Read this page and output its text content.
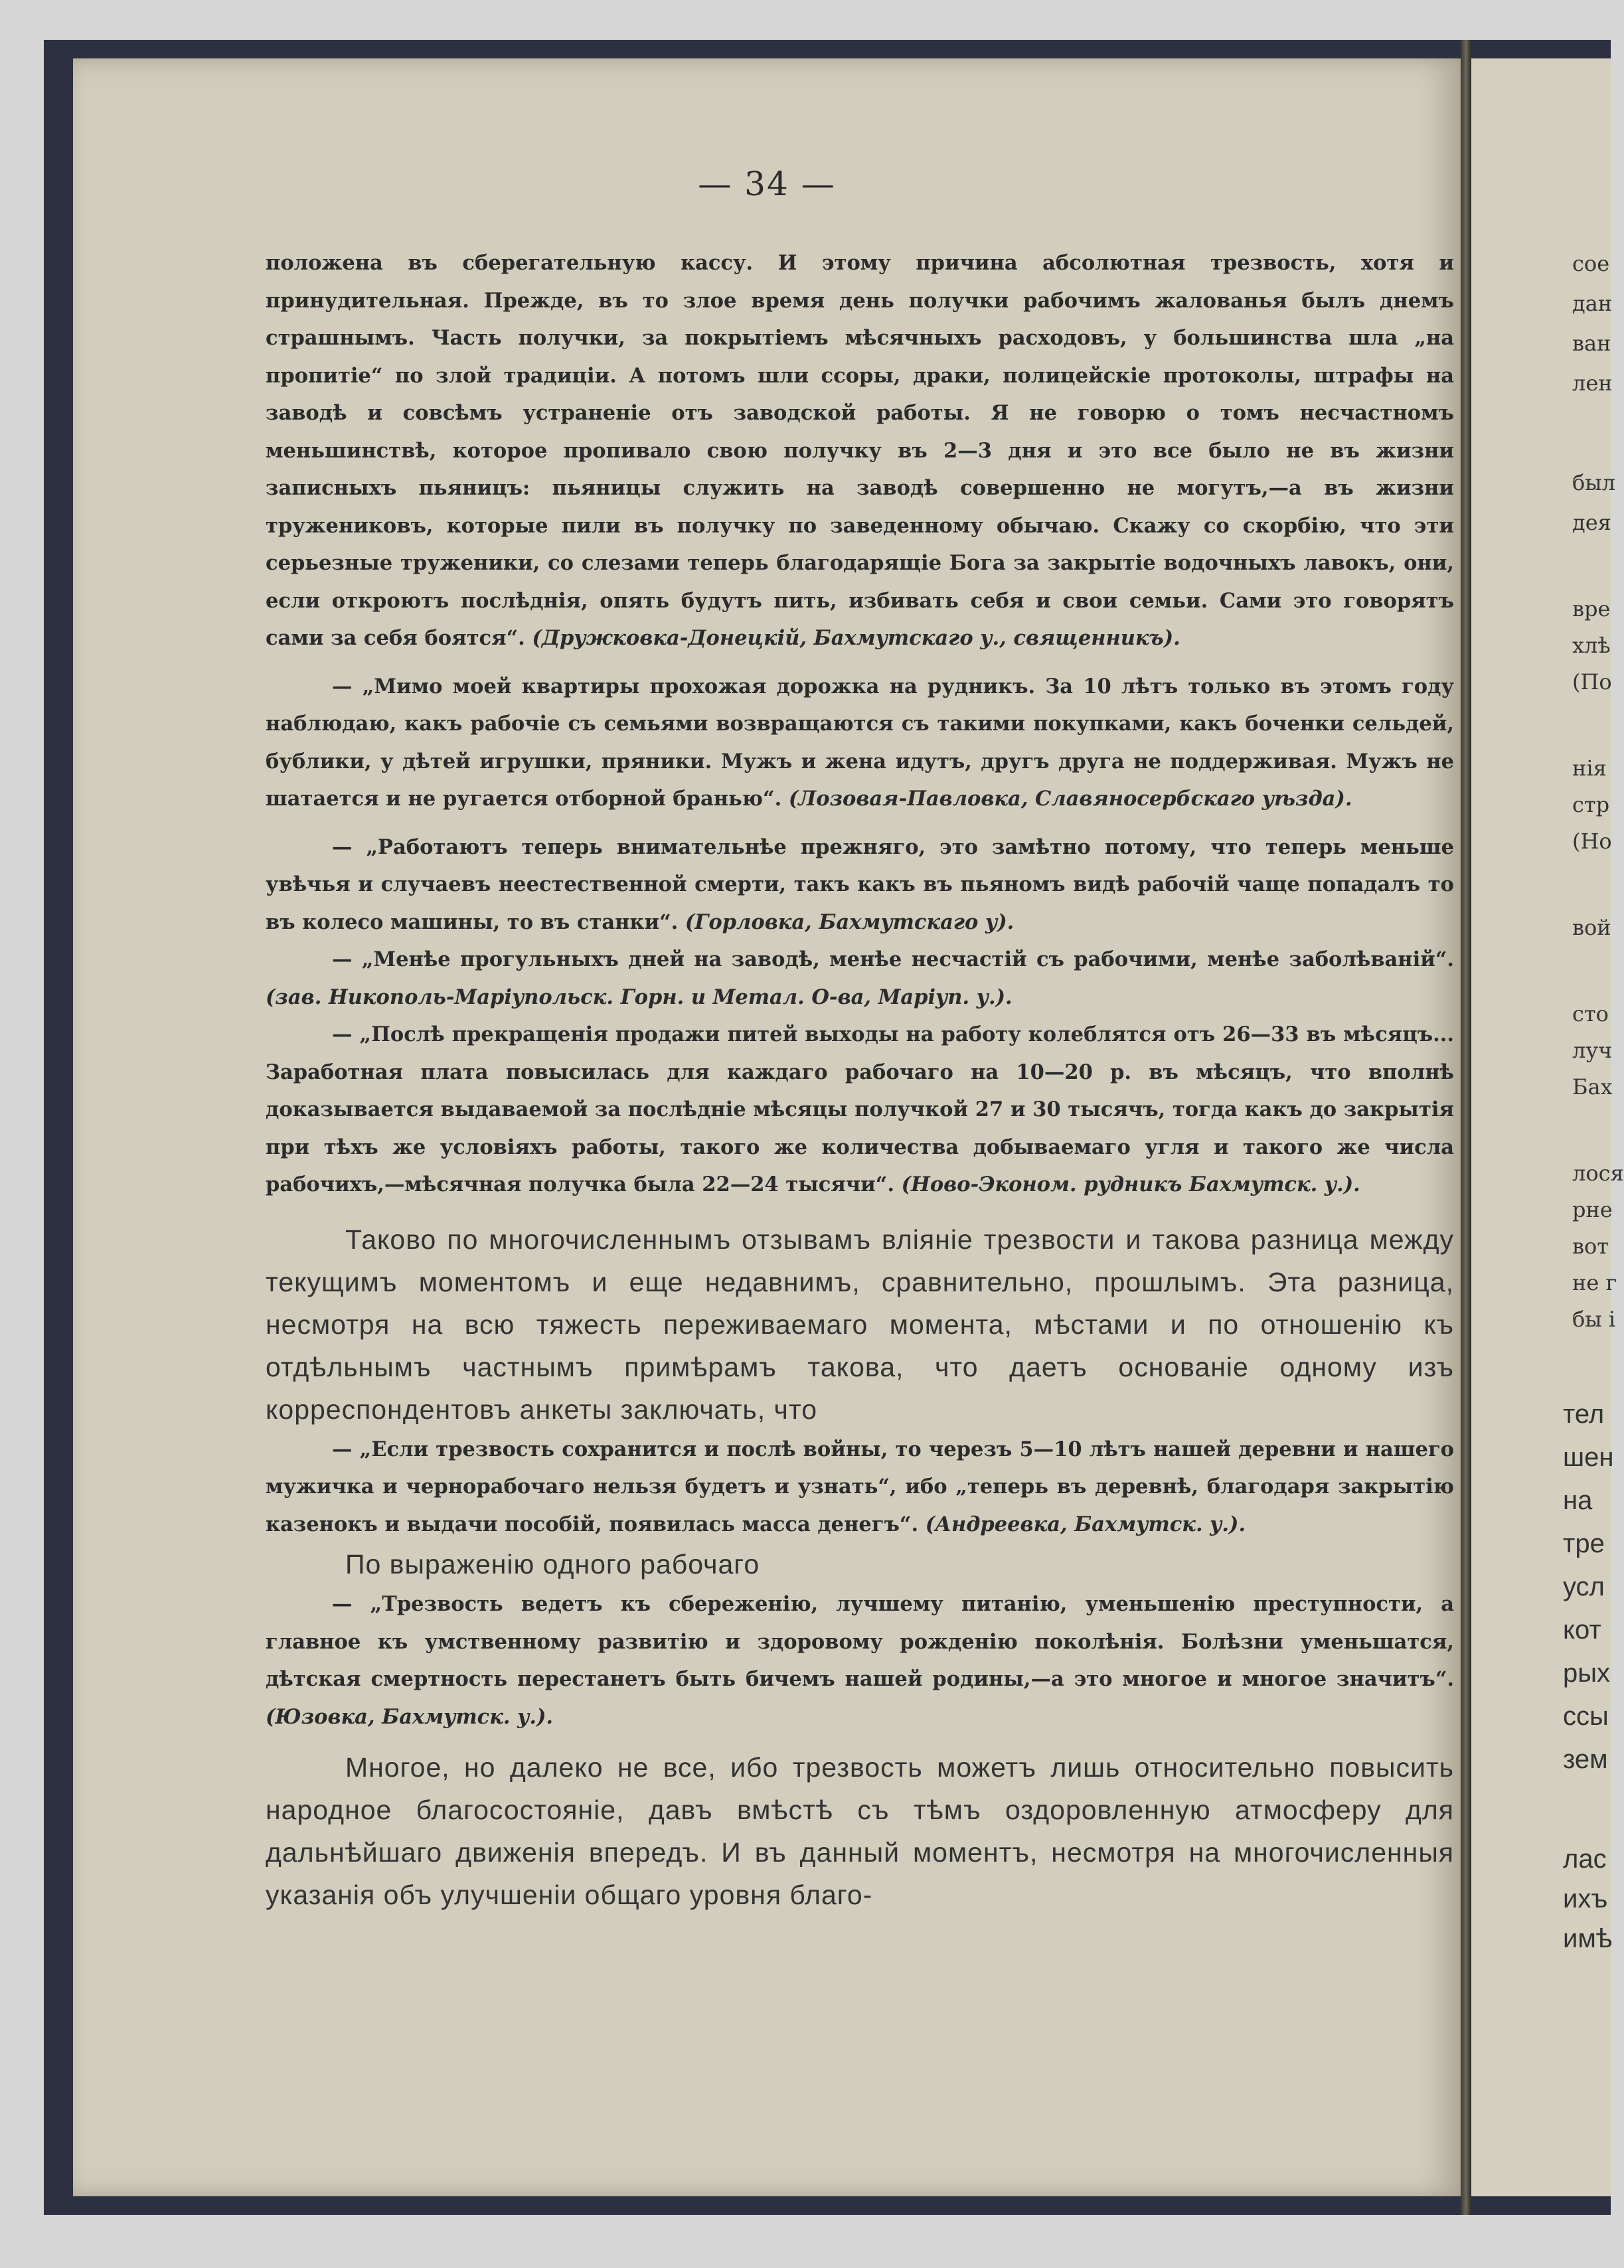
— 34 —

положена въ сберегательную кассу. И этому причина абсолютная трезвость, хотя и принудительная. Прежде, въ то злое время день получки рабочимъ жалованья былъ днемъ страшнымъ. Часть получки, за покрытіемъ мѣсячныхъ расходовъ, у большинства шла „на пропитіе“ по злой традиціи. А потомъ шли ссоры, драки, полицейскіе протоколы, штрафы на заводѣ и совсѣмъ устраненіе отъ заводской работы. Я не говорю о томъ несчастномъ меньшинствѣ, которое пропивало свою получку въ 2—3 дня и это все было не въ жизни записныхъ пьяницъ: пьяницы служить на заводѣ совершенно не могутъ,—а въ жизни тружениковъ, которые пили въ получку по заведенному обычаю. Скажу со скорбію, что эти серьезные труженики, со слезами теперь благодарящіе Бога за закрытіе водочныхъ лавокъ, они, если откроютъ послѣднія, опять будутъ пить, избивать себя и свои семьи. Сами это говорятъ сами за себя боятся“. (Дружковка-Донецкій, Бахмутскаго у., священникъ).

— „Мимо моей квартиры прохожая дорожка на рудникъ. За 10 лѣтъ только въ этомъ году наблюдаю, какъ рабочіе съ семьями возвращаются съ такими покупками, какъ боченки сельдей, бублики, у дѣтей игрушки, пряники. Мужъ и жена идутъ, другъ друга не поддерживая. Мужъ не шатается и не ругается отборной бранью“. (Лозовая-Павловка, Славяносербскаго уѣзда).

— „Работаютъ теперь внимательнѣе прежняго, это замѣтно потому, что теперь меньше увѣчья и случаевъ неестественной смерти, такъ какъ въ пьяномъ видѣ рабочій чаще попадалъ то въ колесо машины, то въ станки“. (Горловка, Бахмутскаго у).

— „Менѣе прогульныхъ дней на заводѣ, менѣе несчастій съ рабочими, менѣе заболѣваній“. (зав. Никополь-Маріупольск. Горн. и Метал. О-ва, Маріуп. у.).

— „Послѣ прекращенія продажи питей выходы на работу колеблятся отъ 26—33 въ мѣсяцъ... Заработная плата повысилась для каждаго рабочаго на 10—20 р. въ мѣсяцъ, что вполнѣ доказывается выдаваемой за послѣдніе мѣсяцы получкой 27 и 30 тысячъ, тогда какъ до закрытія при тѣхъ же условіяхъ работы, такого же количества добываемаго угля и такого же числа рабочихъ,—мѣсячная получка была 22—24 тысячи“. (Ново-Эконом. рудникъ Бахмутск. у.).

Таково по многочисленнымъ отзывамъ вліяніе трезвости и такова разница между текущимъ моментомъ и еще недавнимъ, сравнительно, прошлымъ. Эта разница, несмотря на всю тяжесть переживаемаго момента, мѣстами и по отношенію къ отдѣльнымъ частнымъ примѣрамъ такова, что даетъ основаніе одному изъ корреспондентовъ анкеты заключать, что

— „Если трезвость сохранится и послѣ войны, то черезъ 5—10 лѣтъ нашей деревни и нашего мужичка и чернорабочаго нельзя будетъ и узнать“, ибо „теперь въ деревнѣ, благодаря закрытію казенокъ и выдачи пособій, появилась масса денегъ“. (Андреевка, Бахмутск. у.).

По выраженію одного рабочаго

— „Трезвость ведетъ къ сбереженію, лучшему питанію, уменьшенію преступности, а главное къ умственному развитію и здоровому рожденію поколѣнія. Болѣзни уменьшатся, дѣтская смертность перестанетъ быть бичемъ нашей родины,—а это многое и многое значитъ“. (Юзовка, Бахмутск. у.).

Многое, но далеко не все, ибо трезвость можетъ лишь относительно повысить народное благосостояніе, давъ вмѣстѣ съ тѣмъ оздоровленную атмосферу для дальнѣйшаго движенія впередъ. И въ данный моментъ, несмотря на многочисленныя указанія объ улучшеніи общаго уровня благо-

сое
дан
ван
лен
был
дея
вре
хлѣ
(По
нія
стр
(Но
вой
сто
луч
Бах
лося
рне
вот
не г
бы і
тел
шен
на
тре
усл
кот
рых
ссы
зем
лас
ихъ
имѣ
